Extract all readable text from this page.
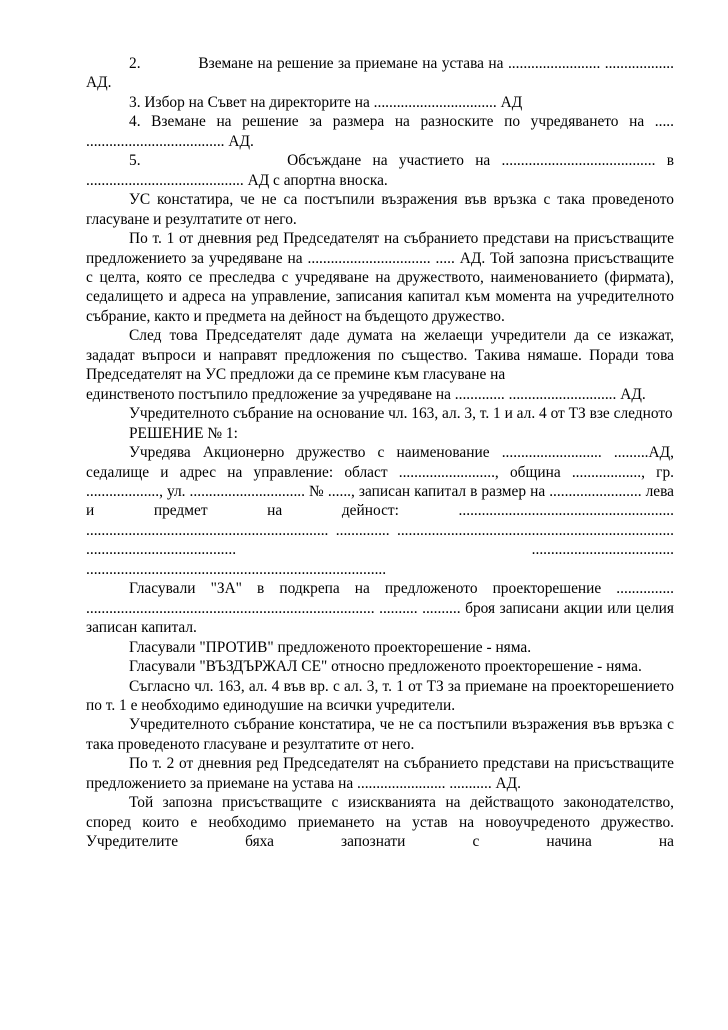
2.             Вземане на решение за приемане на устава на ........................ .................. АД.

3. Избор на Съвет на директорите на ................................ АД

4. Вземане на решение за размера на разноските по учредяването на ..... .................................... АД.

5.             Обсъждане на участието на ........................................ в ......................................... АД с апортна вноска.

УС констатира, че не са постъпили възражения във връзка с така проведеното гласуване и резултатите от него.

По т. 1 от дневния ред Председателят на събранието представи на присъстващите предложението за учредяване на ................................ ..... АД. Той запозна присъстващите с целта, която се преследва с учредяване на дружеството, наименованието (фирмата), седалището и адреса на управление, записания капитал към момента на учредителното събрание, както и предмета на дейност на бъдещото дружество.

След това Председателят даде думата на желаещи учредители да се изкажат, зададат въпроси и направят предложения по същество. Такива нямаше. Поради това Председателят на УС предложи да се премине към гласуване на

единственото постъпило предложение за учредяване на ............. ............................ АД.

Учредителното събрание на основание чл. 163, ал. 3, т. 1 и ал. 4 от ТЗ взе следното

РЕШЕНИЕ № 1:

Учредява Акционерно дружество с наименование .......................... .........АД, седалище и адрес на управление: област ........................., община .................., гр. ..................., ул. .............................. № ......, записан капитал в размер на ........................ лева и предмет на дейност: ........................................................ ............................................................... .............. ........................................................................ ....................................... ..................................... ..............................................................................

Гласували "ЗА" в подкрепа на предложеното проекторешение ............... ........................................................................... .......... .......... броя записани акции или целия записан капитал.

Гласували "ПРОТИВ" предложеното проекторешение - няма.

Гласували "ВЪЗДЪРЖАЛ СЕ" относно предложеното проекторешение - няма.

Съгласно чл. 163, ал. 4 във вр. с ал. 3, т. 1 от ТЗ за приемане на проекторешението по т. 1 е необходимо единодушие на всички учредители.

Учредителното събрание констатира, че не са постъпили възражения във връзка с така проведеното гласуване и резултатите от него.

По т. 2 от дневния ред Председателят на събранието представи на присъстващите предложението за приемане на устава на ....................... ........... АД.

Той запозна присъстващите с изискванията на действащото законодателство, според които е необходимо приемането на устав на новоучреденото дружество. Учредителите бяха запознати с начина на
